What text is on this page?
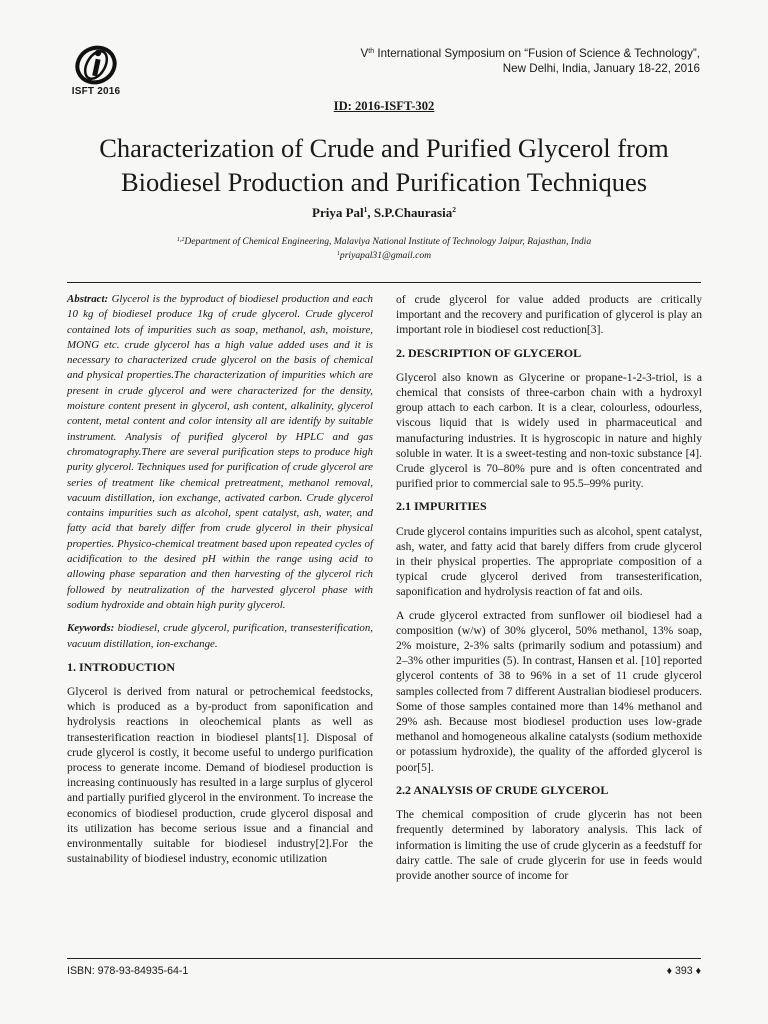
ISFT 2016
Vth International Symposium on “Fusion of Science & Technology”,
New Delhi, India, January 18-22, 2016
ID: 2016-ISFT-302
Characterization of Crude and Purified Glycerol from
Biodiesel Production and Purification Techniques
Priya Pal$^1$, S.P.Chaurasia$^2$
$^{1,2}$Department of Chemical Engineering, Malaviya National Institute of Technology Jaipur, Rajasthan, India
$^1$priyapal31@gmail.com

Abstract: Glycerol is the byproduct of biodiesel production and each 10 kg of biodiesel produce 1kg of crude glycerol. Crude glycerol contained lots of impurities such as soap, methanol, ash, moisture, MONG etc. crude glycerol has a high value added uses and it is necessary to characterized crude glycerol on the basis of chemical and physical properties.The characterization of impurities which are present in crude glycerol and were characterized for the density, moisture content present in glycerol, ash content, alkalinity, glycerol content, metal content and color intensity all are identify by suitable instrument. Analysis of purified glycerol by HPLC and gas chromatography.There are several purification steps to produce high purity glycerol. Techniques used for purification of crude glycerol are series of treatment like chemical pretreatment, methanol removal, vacuum distillation, ion exchange, activated carbon. Crude glycerol contains impurities such as alcohol, spent catalyst, ash, water, and fatty acid that barely differ from crude glycerol in their physical properties. Physico-chemical treatment based upon repeated cycles of acidification to the desired pH within the range using acid to allowing phase separation and then harvesting of the glycerol rich followed by neutralization of the harvested glycerol phase with sodium hydroxide and obtain high purity glycerol.

Keywords: biodiesel, crude glycerol, purification, transesterification, vacuum distillation, ion-exchange.

1. INTRODUCTION

Glycerol is derived from natural or petrochemical feedstocks, which is produced as a by-product from saponification and hydrolysis reactions in oleochemical plants as well as transesterification reaction in biodiesel plants[1]. Disposal of crude glycerol is costly, it become useful to undergo purification process to generate income. Demand of biodiesel production is increasing continuously has resulted in a large surplus of glycerol and partially purified glycerol in the environment. To increase the economics of biodiesel production, crude glycerol disposal and its utilization has become serious issue and a financial and environmentally suitable for biodiesel industry[2].For the sustainability of biodiesel industry, economic utilization

of crude glycerol for value added products are critically important and the recovery and purification of glycerol is play an important role in biodiesel cost reduction[3].

2. DESCRIPTION OF GLYCEROL

Glycerol also known as Glycerine or propane-1-2-3-triol, is a chemical that consists of three-carbon chain with a hydroxyl group attach to each carbon. It is a clear, colourless, odourless, viscous liquid that is widely used in pharmaceutical and manufacturing industries. It is hygroscopic in nature and highly soluble in water. It is a sweet-testing and non-toxic substance [4]. Crude glycerol is 70–80% pure and is often concentrated and purified prior to commercial sale to 95.5–99% purity.

2.1 IMPURITIES

Crude glycerol contains impurities such as alcohol, spent catalyst, ash, water, and fatty acid that barely differs from crude glycerol in their physical properties. The appropriate composition of a typical crude glycerol derived from transesterification, saponification and hydrolysis reaction of fat and oils.

A crude glycerol extracted from sunflower oil biodiesel had a composition (w/w) of 30% glycerol, 50% methanol, 13% soap, 2% moisture, 2-3% salts (primarily sodium and potassium) and 2–3% other impurities (5). In contrast, Hansen et al. [10] reported glycerol contents of 38 to 96% in a set of 11 crude glycerol samples collected from 7 different Australian biodiesel producers. Some of those samples contained more than 14% methanol and 29% ash. Because most biodiesel production uses low-grade methanol and homogeneous alkaline catalysts (sodium methoxide or potassium hydroxide), the quality of the afforded glycerol is poor[5].

2.2 ANALYSIS OF CRUDE GLYCEROL

The chemical composition of crude glycerin has not been frequently determined by laboratory analysis. This lack of information is limiting the use of crude glycerin as a feedstuff for dairy cattle. The sale of crude glycerin for use in feeds would provide another source of income for

ISBN: 978-93-84935-64-1	♦ 393 ♦
